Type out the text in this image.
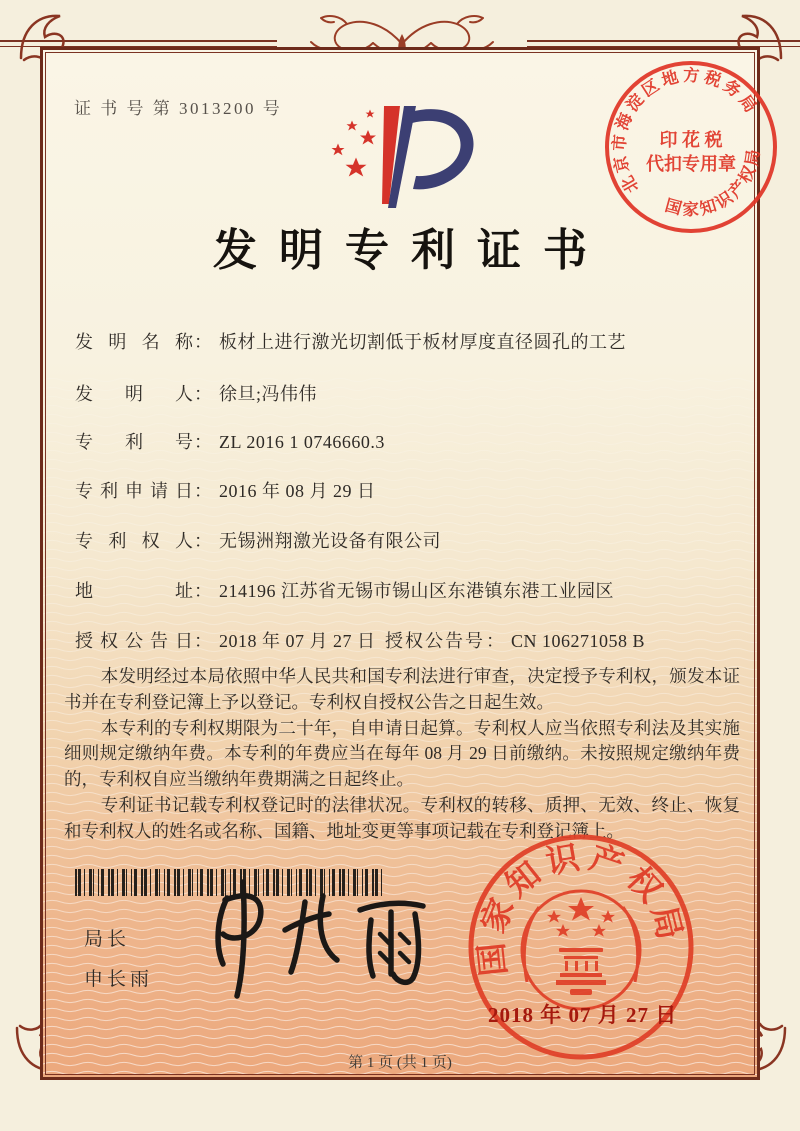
证 书 号 第 3013200 号
北京市海淀区地方税务局
国家知识产权局
印 花 税
代扣专用章
发明专利证书
发明名称： 板材上进行激光切割低于板材厚度直径圆孔的工艺
发明人： 徐旦;冯伟伟
专利号： ZL 2016 1 0746660.3
专利申请日： 2016 年 08 月 29 日
专利权人： 无锡洲翔激光设备有限公司
地址： 214196 江苏省无锡市锡山区东港镇东港工业园区
授权公告日： 2018 年 07 月 27 日 授权公告号： CN 106271058 B

本发明经过本局依照中华人民共和国专利法进行审查，决定授予专利权，颁发本证书并在专利登记簿上予以登记。专利权自授权公告之日起生效。

本专利的专利权期限为二十年，自申请日起算。专利权人应当依照专利法及其实施细则规定缴纳年费。本专利的年费应当在每年 08 月 29 日前缴纳。未按照规定缴纳年费的，专利权自应当缴纳年费期满之日起终止。

专利证书记载专利权登记时的法律状况。专利权的转移、质押、无效、终止、恢复和专利权人的姓名或名称、国籍、地址变更等事项记载在专利登记簿上。

局长
申长雨
国家知识产权局
2018 年 07 月 27 日
第 1 页 (共 1 页)
